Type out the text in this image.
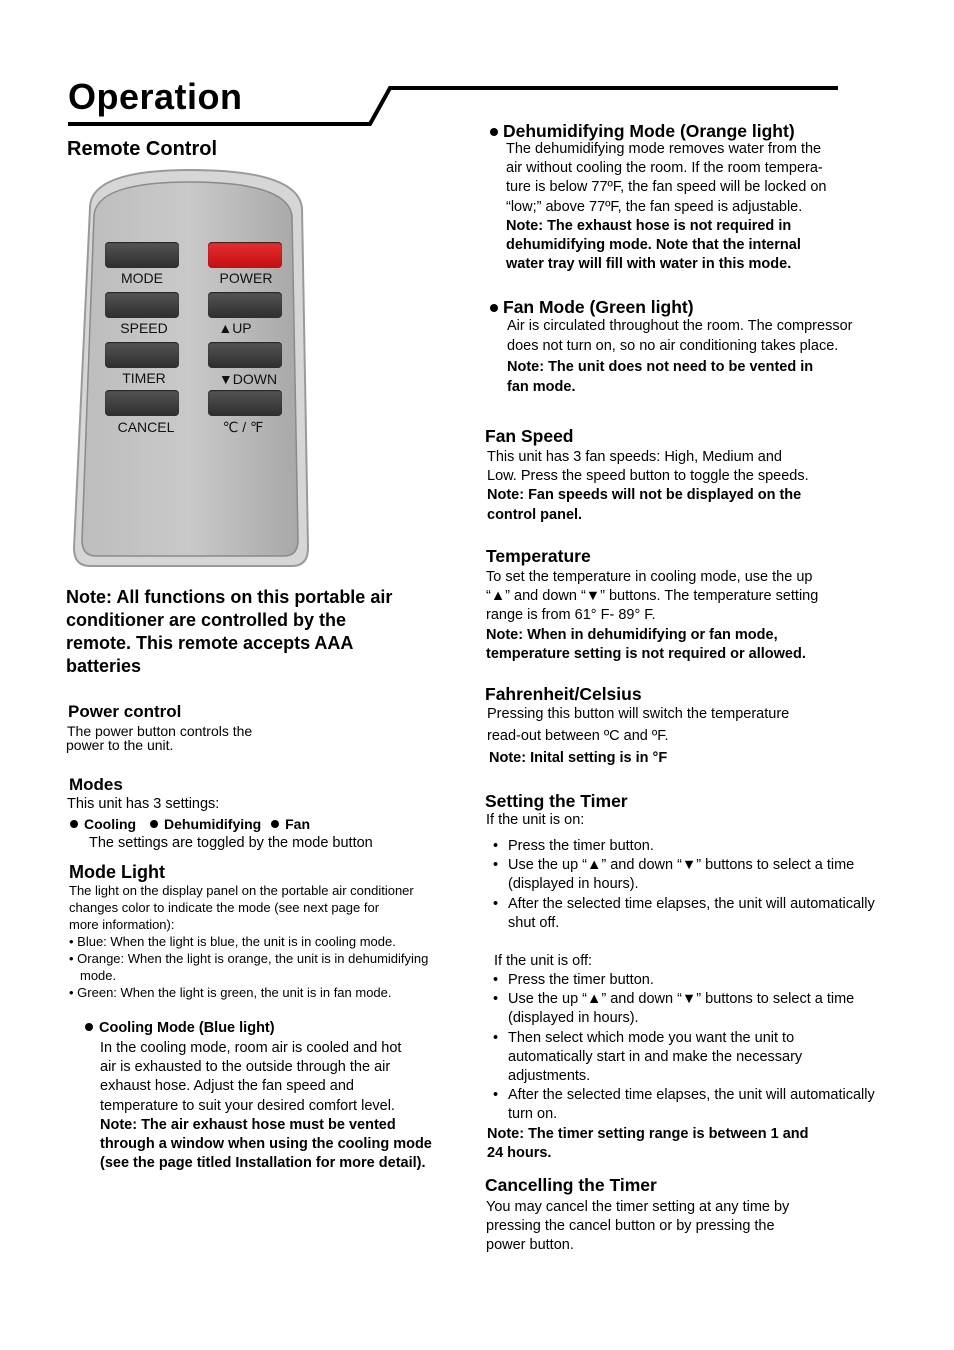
Operation
Remote Control
MODE	POWER
SPEED	▲UP
TIMER	▼DOWN
CANCEL	℃ / ℉
Note: All functions on this portable air
conditioner are controlled by the
remote. This remote accepts AAA
batteries
Power control
The power button controls the
power to the unit.
Modes
This unit has 3 settings:
Cooling Dehumidifying Fan
The settings are toggled by the mode button
Mode Light
The light on the display panel on the portable air conditioner
changes color to indicate the mode (see next page for
more information):
• Blue: When the light is blue, the unit is in cooling mode.
• Orange: When the light is orange, the unit is in dehumidifying
mode.
• Green: When the light is green, the unit is in fan mode.
Cooling Mode (Blue light)
In the cooling mode, room air is cooled and hot
air is exhausted to the outside through the air
exhaust hose. Adjust the fan speed and
temperature to suit your desired comfort level.
Note: The air exhaust hose must be vented
through a window when using the cooling mode
(see the page titled Installation for more detail).
Dehumidifying Mode (Orange light)
The dehumidifying mode removes water from the
air without cooling the room. If the room tempera-
ture is below 77ºF, the fan speed will be locked on
“low;” above 77ºF, the fan speed is adjustable.
Note: The exhaust hose is not required in
dehumidifying mode. Note that the internal
water tray will fill with water in this mode.
Fan Mode (Green light)
Air is circulated throughout the room. The compressor
does not turn on, so no air conditioning takes place.
Note: The unit does not need to be vented in
fan mode.
Fan Speed
This unit has 3 fan speeds: High, Medium and
Low. Press the speed button to toggle the speeds.
Note: Fan speeds will not be displayed on the
control panel.
Temperature
To set the temperature in cooling mode, use the up
“▲” and down “▼” buttons. The temperature setting
range is from 61° F- 89° F.
Note: When in dehumidifying or fan mode,
temperature setting is not required or allowed.
Fahrenheit/Celsius
Pressing this button will switch the temperature
read-out between ºC and ºF.
Note: Inital setting is in °F
Setting the Timer
If the unit is on:
• Press the timer button.
• Use the up “▲” and down “▼” buttons to select a time (displayed in hours).
• After the selected time elapses, the unit will automatically shut off.
If the unit is off:
• Press the timer button.
• Use the up “▲” and down “▼” buttons to select a time (displayed in hours).
• Then select which mode you want the unit to automatically start in and make the necessary adjustments.
• After the selected time elapses, the unit will automatically turn on.
Note: The timer setting range is between 1 and
24 hours.
Cancelling the Timer
You may cancel the timer setting at any time by
pressing the cancel button or by pressing the
power button.
